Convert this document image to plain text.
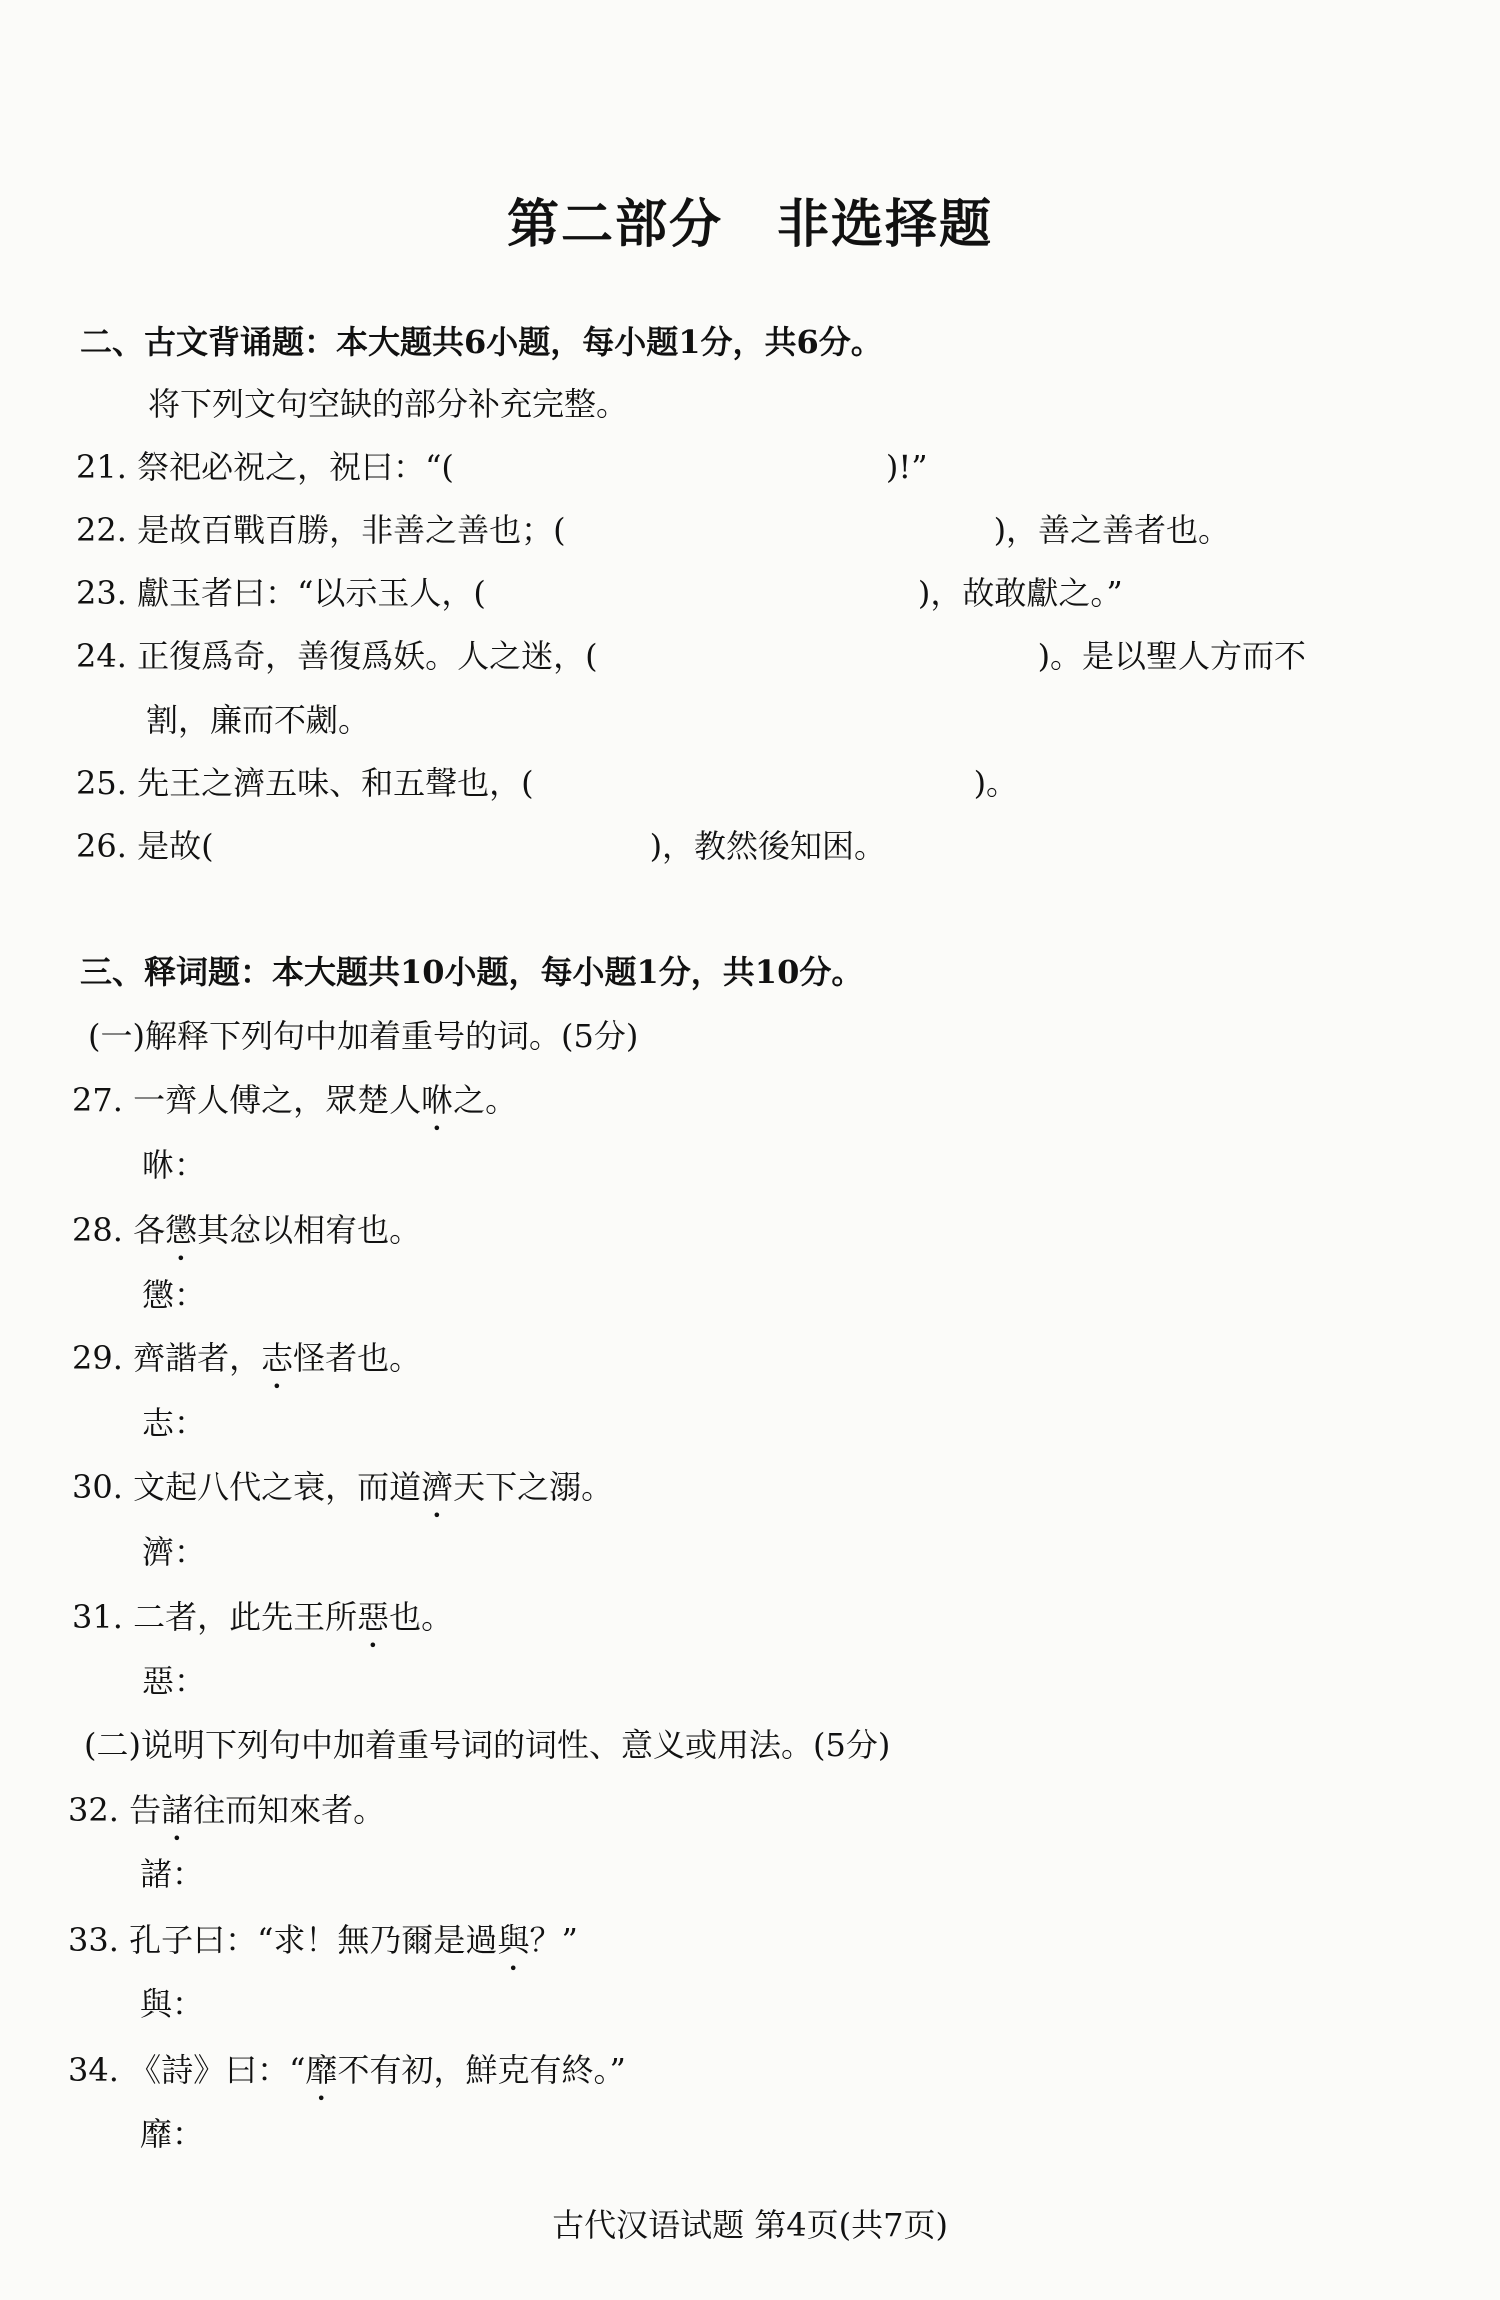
第二部分　非选择题
二、古文背诵题：本大题共6小题，每小题1分，共6分。
将下列文句空缺的部分补充完整。
21. 祭祀必祝之，祝曰：“(	)!”
22. 是故百戰百勝，非善之善也；(	)，善之善者也。
23. 獻玉者曰：“以示玉人，(	)，故敢獻之。”
24. 正復爲奇，善復爲妖。人之迷，(	)。是以聖人方而不
割，廉而不劌。
25. 先王之濟五味、和五聲也，(	)。
26. 是故(	)，教然後知困。
三、释词题：本大题共10小题，每小题1分，共10分。
(一)解释下列句中加着重号的词。(5分)
27. 一齊人傅之，眾楚人咻之。
咻：
28. 各懲其忿以相宥也。
懲：
29. 齊諧者，志怪者也。
志：
30. 文起八代之衰，而道濟天下之溺。
濟：
31. 二者，此先王所惡也。
惡：
(二)说明下列句中加着重号词的词性、意义或用法。(5分)
32. 告諸往而知來者。
諸：
33. 孔子曰：“求！無乃爾是過與？”
與：
34. 《詩》曰：“靡不有初，鮮克有終。”
靡：
古代汉语试题 第4页(共7页)
